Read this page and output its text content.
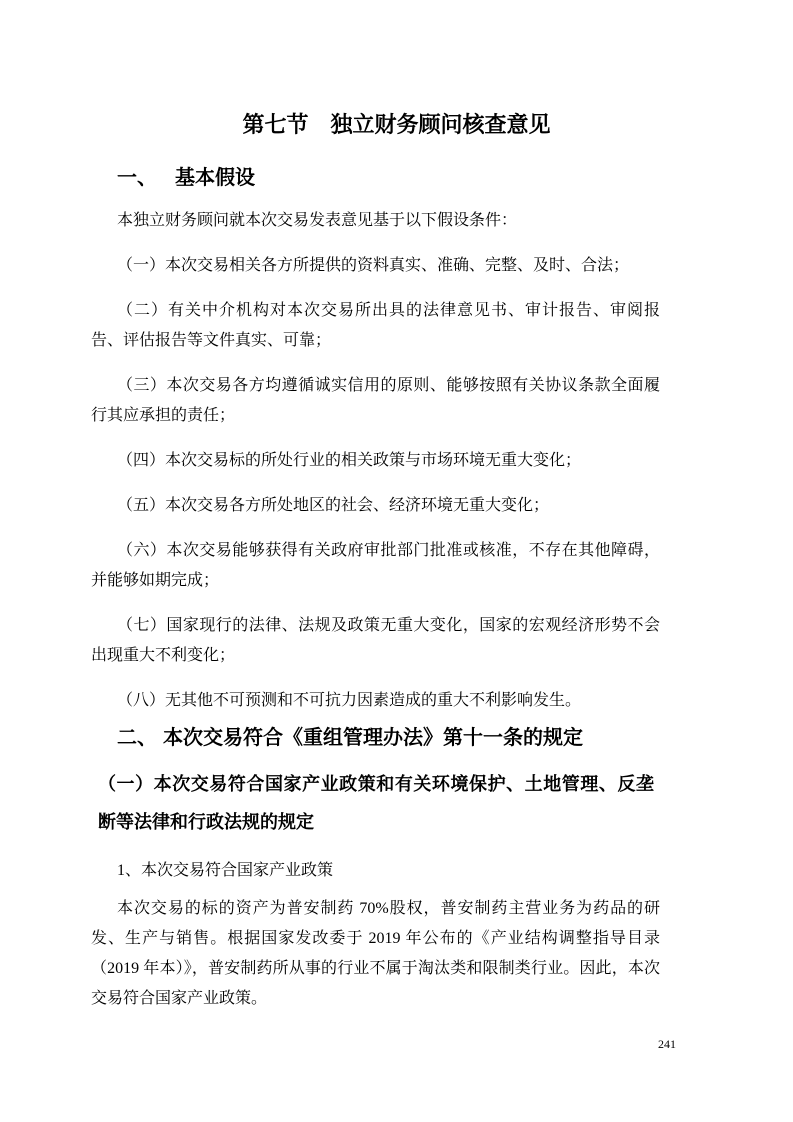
第七节 独立财务顾问核查意见
一、 基本假设

本独立财务顾问就本次交易发表意见基于以下假设条件：

（一）本次交易相关各方所提供的资料真实、准确、完整、及时、合法；

（二）有关中介机构对本次交易所出具的法律意见书、审计报告、审阅报告、评估报告等文件真实、可靠；

（三）本次交易各方均遵循诚实信用的原则、能够按照有关协议条款全面履行其应承担的责任；

（四）本次交易标的所处行业的相关政策与市场环境无重大变化；

（五）本次交易各方所处地区的社会、经济环境无重大变化；

（六）本次交易能够获得有关政府审批部门批准或核准，不存在其他障碍，并能够如期完成；

（七）国家现行的法律、法规及政策无重大变化，国家的宏观经济形势不会出现重大不利变化；

（八）无其他不可预测和不可抗力因素造成的重大不利影响发生。

二、 本次交易符合《重组管理办法》第十一条的规定
（一）本次交易符合国家产业政策和有关环境保护、土地管理、反垄断等法律和行政法规的规定

1、本次交易符合国家产业政策

本次交易的标的资产为普安制药 70%股权，普安制药主营业务为药品的研发、生产与销售。根据国家发改委于 2019 年公布的《产业结构调整指导目录（2019 年本）》，普安制药所从事的行业不属于淘汰类和限制类行业。因此，本次交易符合国家产业政策。

241
